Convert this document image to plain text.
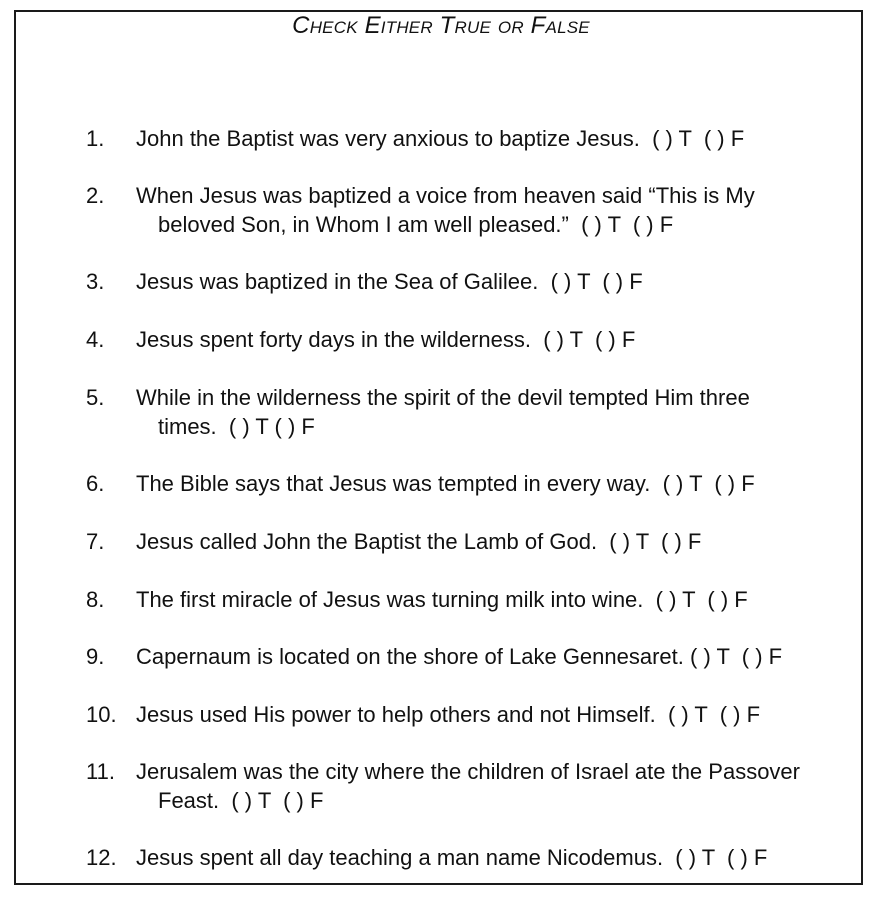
Check Either True or False
1. John the Baptist was very anxious to baptize Jesus.  ( ) T  ( ) F
2. When Jesus was baptized a voice from heaven said “This is My
beloved Son, in Whom I am well pleased.”  ( ) T  ( ) F
3. Jesus was baptized in the Sea of Galilee.  ( ) T  ( ) F
4. Jesus spent forty days in the wilderness.  ( ) T  ( ) F
5. While in the wilderness the spirit of the devil tempted Him three
times.  ( ) T ( ) F
6. The Bible says that Jesus was tempted in every way.  ( ) T  ( ) F
7. Jesus called John the Baptist the Lamb of God.  ( ) T  ( ) F
8. The first miracle of Jesus was turning milk into wine.  ( ) T  ( ) F
9. Capernaum is located on the shore of Lake Gennesaret. ( ) T  ( ) F
10. Jesus used His power to help others and not Himself.  ( ) T  ( ) F
11. Jerusalem was the city where the children of Israel ate the Passover
Feast.  ( ) T  ( ) F
12. Jesus spent all day teaching a man name Nicodemus.  ( ) T  ( ) F
